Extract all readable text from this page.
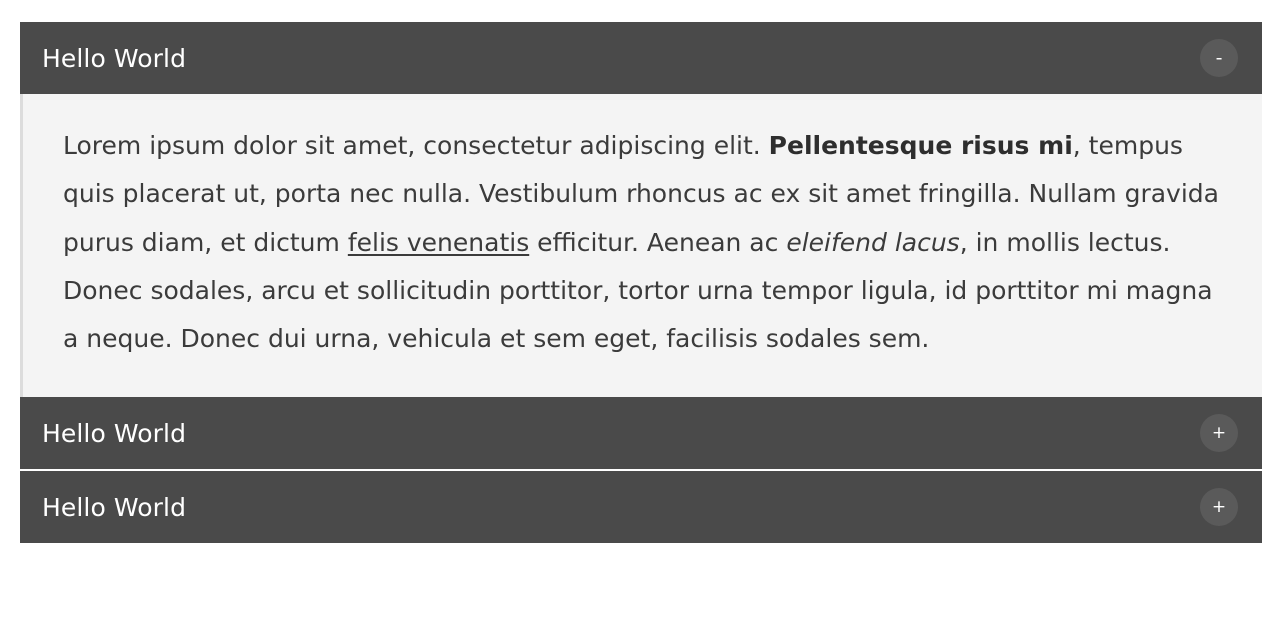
Hello World	-

Lorem ipsum dolor sit amet, consectetur adipiscing elit. Pellentesque risus mi, tempus quis placerat ut, porta nec nulla. Vestibulum rhoncus ac ex sit amet fringilla. Nullam gravida purus diam, et dictum felis venenatis efficitur. Aenean ac eleifend lacus, in mollis lectus. Donec sodales, arcu et sollicitudin porttitor, tortor urna tempor ligula, id porttitor mi magna a neque. Donec dui urna, vehicula et sem eget, facilisis sodales sem.

Hello World	+
Hello World	+
